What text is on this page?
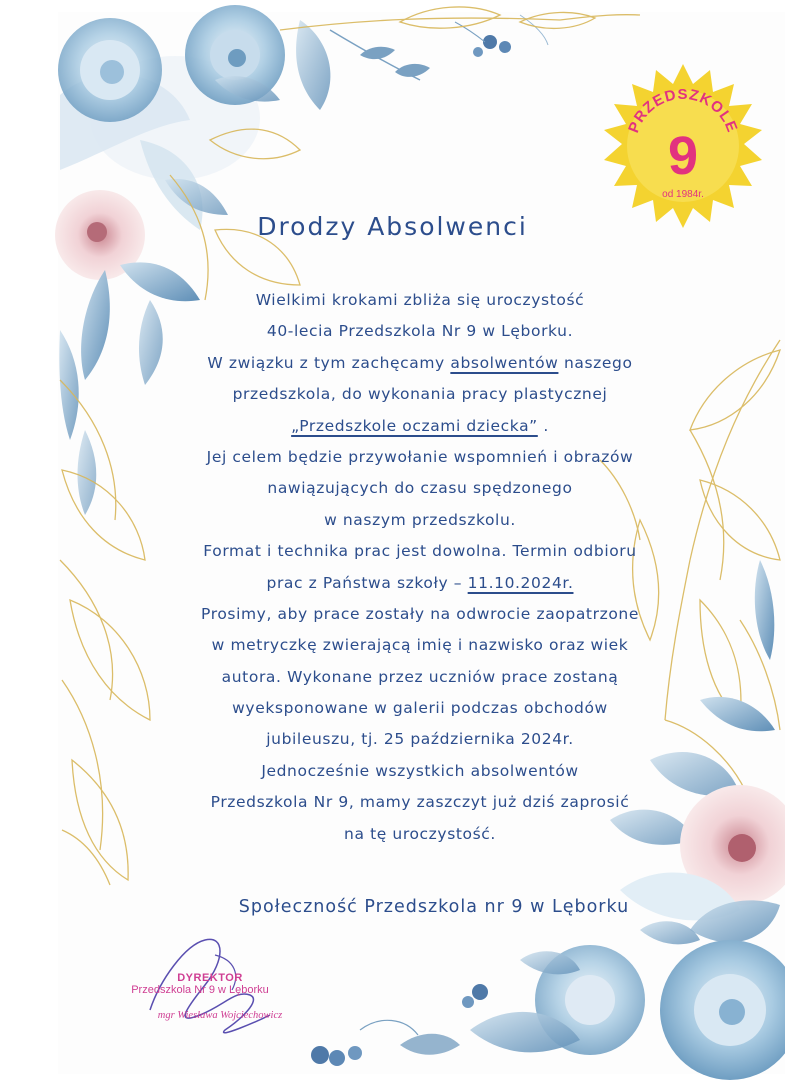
PRZEDSZKOLE
9
od 1984r.
Drodzy Absolwenci
Wielkimi krokami zbliża się uroczystość
40-lecia Przedszkola Nr 9 w Lęborku.
W związku z tym zachęcamy absolwentów naszego
przedszkola, do wykonania pracy plastycznej
„Przedszkole oczami dziecka” .
Jej celem będzie przywołanie wspomnień i obrazów
nawiązujących do czasu spędzonego
w naszym przedszkolu.
Format i technika prac jest dowolna. Termin odbioru
prac z Państwa szkoły – 11.10.2024r.
Prosimy, aby prace zostały na odwrocie zaopatrzone
w metryczkę zwierającą imię i nazwisko oraz wiek
autora. Wykonane przez uczniów prace zostaną
wyeksponowane w galerii podczas obchodów
jubileuszu, tj. 25 października 2024r.
Jednocześnie wszystkich absolwentów
Przedszkola Nr 9, mamy zaszczyt już dziś zaprosić
na tę uroczystość.
Społeczność Przedszkola nr 9 w Lęborku
DYREKTOR
Przedszkola Nr 9 w Lęborku
mgr Wiesława Wojciechowicz
